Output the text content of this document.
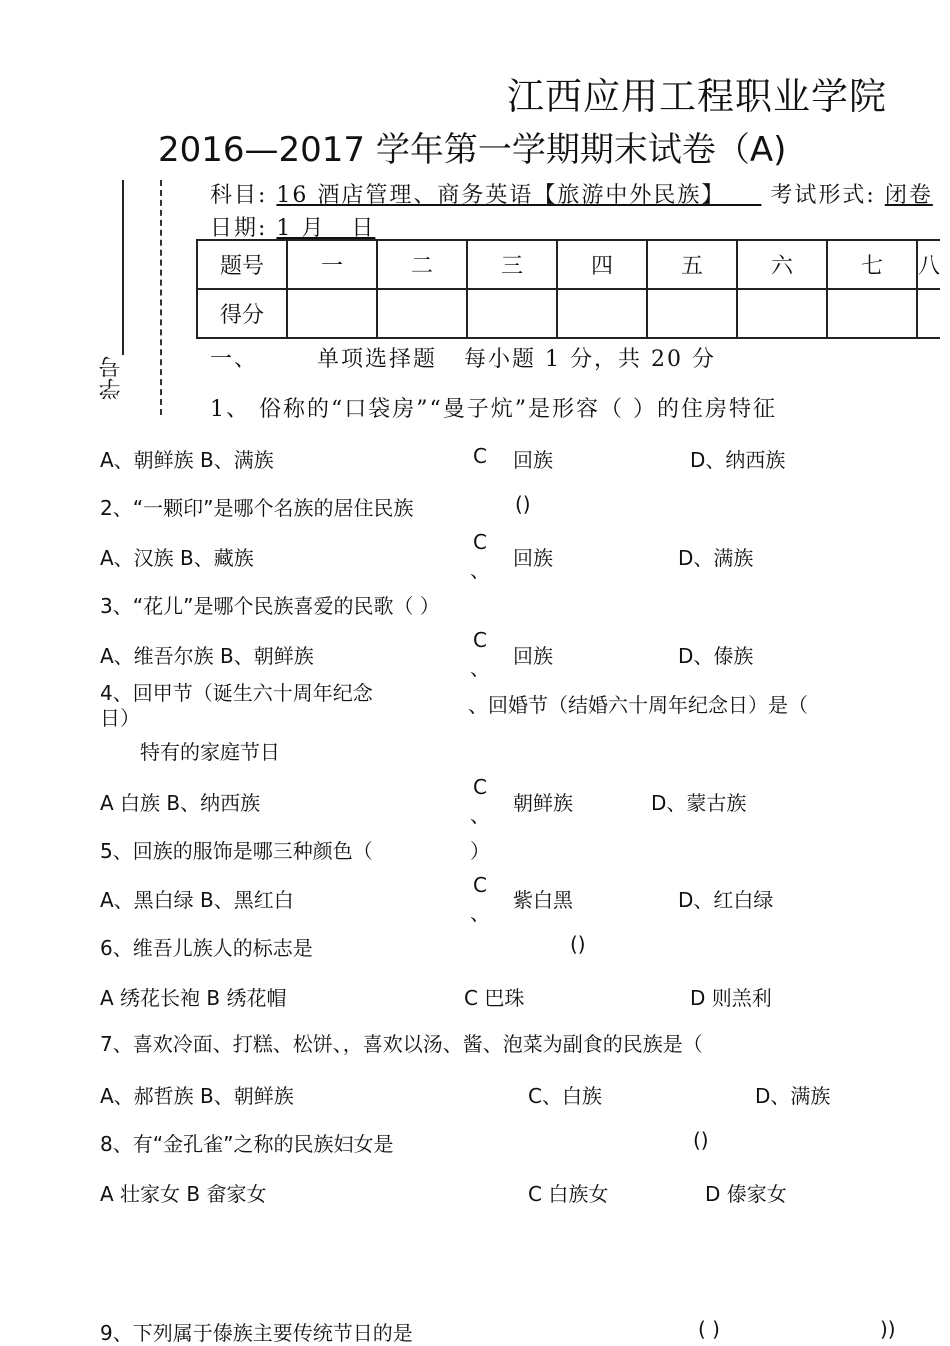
江西应用工程职业学院
2016—2017 学年第一学期期末试卷（A)
学号
科目: 16 酒店管理、商务英语【旅游中外民族】 考试形式: 闭卷
日期: 1 月__日
题号	一	二	三	四	五	六	七	八
得分								
一、	单项选择题 每小题 1 分，共 20 分
1、 俗称的“口袋房”“曼子炕”是形容（ ）的住房特征
A、朝鲜族 B、满族	C 回族	D、纳西族
2、“一颗印”是哪个名族的居住民族	()
A、汉族 B、藏族
C
、 回族	D、满族
3、“花儿”是哪个民族喜爱的民歌（ ）
A、维吾尔族 B、朝鲜族
C
、 回族	D、傣族
4、回甲节（诞生六十周年纪念
日）
、回婚节（结婚六十周年纪念日）是（
特有的家庭节日
A 白族 B、纳西族
C
、 朝鲜族	D、蒙古族
5、回族的服饰是哪三种颜色（	）
A、黑白绿 B、黑红白
C
、
紫白黑	D、红白绿
6、维吾儿族人的标志是	()
A 绣花长袍 B 绣花帽	C 巴珠	D 则羔利
7、喜欢冷面、打糕、松饼、，喜欢以汤、酱、泡菜为副食的民族是（
A、郝哲族 B、朝鲜族	C、白族	D、满族
8、有“金孔雀”之称的民族妇女是	()
A 壮家女 B 畲家女	C 白族女	D 傣家女
9、下列属于傣族主要传统节日的是	( )	))
